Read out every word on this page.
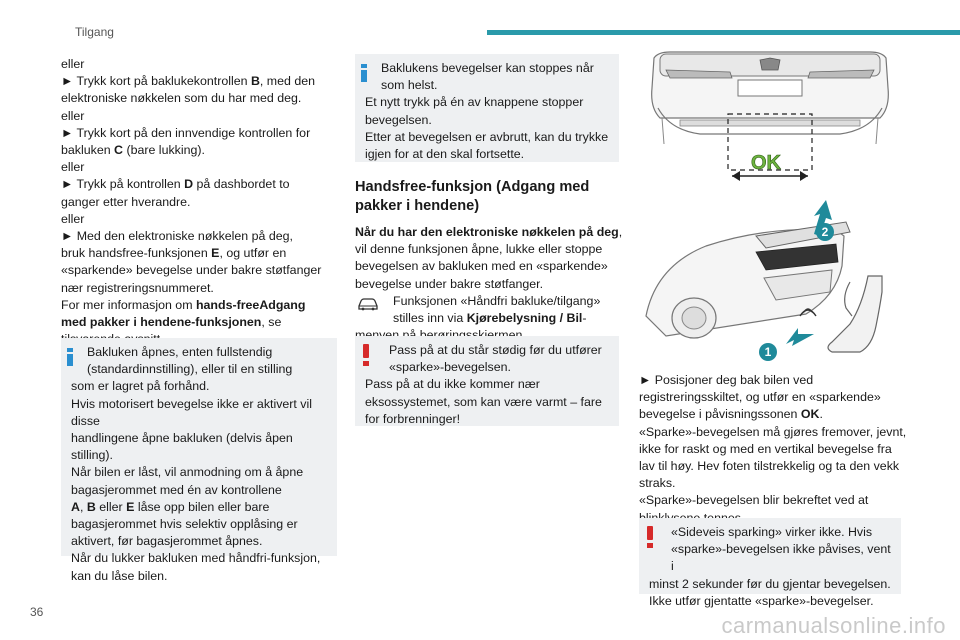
Tilgang

eller

► Trykk kort på baklukekontrollen B, med den

elektroniske nøkkelen som du har med deg.

eller

► Trykk kort på den innvendige kontrollen for

bakluken C (bare lukking).

eller

► Trykk på kontrollen D på dashbordet to

ganger etter hverandre.

eller

► Med den elektroniske nøkkelen på deg,

bruk handsfree-funksjonen E, og utfør en

«sparkende» bevegelse under bakre støtfanger

nær registreringsnummeret.

For mer informasjon om hands-freeAdgang

med pakker i hendene-funksjonen, se

Bakluken åpnes, enten fullstendig

(standardinnstilling), eller til en stilling

som er lagret på forhånd.

Hvis motorisert bevegelse ikke er aktivert vil disse

handlingene åpne bakluken (delvis åpen

stilling).

Når bilen er låst, vil anmodning om å åpne

bagasjerommet med én av kontrollene

A, B eller E låse opp bilen eller bare

bagasjerommet hvis selektiv opplåsing er

aktivert, før bagasjerommet åpnes.

Når du lukker bakluken med håndfri-funksjon,

kan du låse bilen.

Baklukens bevegelser kan stoppes når

som helst.

Et nytt trykk på én av knappene stopper

bevegelsen.

Etter at bevegelsen er avbrutt, kan du trykke

igjen for at den skal fortsette.

Handsfree-funksjon (Adgang med
pakker i hendene)

Når du har den elektroniske nøkkelen på deg,

vil denne funksjonen åpne, lukke eller stoppe

bevegelsen av bakluken med en «sparkende»

bevegelse under bakre støtfanger.

Funksjonen «Håndfri bakluke/tilgang»

stilles inn via Kjørebelysning / Bil-

Pass på at du står stødig før du utfører

«sparke»-bevegelsen.

Pass på at du ikke kommer nær

eksossystemet, som kan være varmt – fare

for forbrenninger!

OK
2
1

► Posisjoner deg bak bilen ved

registreringsskiltet, og utfør en «sparkende»

bevegelse i påvisningssonen OK.

«Sparke»-bevegelsen må gjøres fremover, jevnt,

ikke for raskt og med en vertikal bevegelse fra

lav til høy. Hev foten tilstrekkelig og ta den vekk

straks.

«Sparke»-bevegelsen blir bekreftet ved at

«Sideveis sparking» virker ikke. Hvis

«sparke»-bevegelsen ikke påvises, vent i

minst 2 sekunder før du gjentar bevegelsen.

Ikke utfør gjentatte «sparke»-bevegelser.

36
carmanualsonline.info
